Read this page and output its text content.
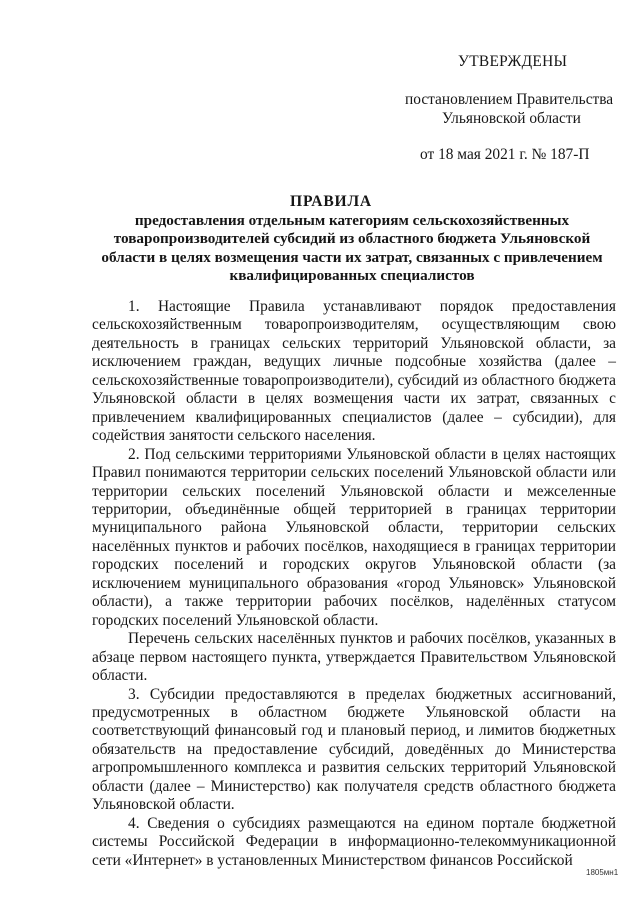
УТВЕРЖДЕНЫ
постановлением Правительства
Ульяновской области
от 18 мая 2021 г. № 187-П
ПРАВИЛА
предоставления отдельным категориям сельскохозяйственных товаропроизводителей субсидий из областного бюджета Ульяновской области в целях возмещения части их затрат, связанных с привлечением квалифицированных специалистов

1. Настоящие Правила устанавливают порядок предоставления сельскохозяйственным товаропроизводителям, осуществляющим свою деятельность в границах сельских территорий Ульяновской области, за исключением граждан, ведущих личные подсобные хозяйства (далее – сельскохозяйственные товаропроизводители), субсидий из областного бюджета Ульяновской области в целях возмещения части их затрат, связанных с привлечением квалифицированных специалистов (далее – субсидии), для содействия занятости сельского населения.

2. Под сельскими территориями Ульяновской области в целях настоящих Правил понимаются территории сельских поселений Ульяновской области или территории сельских поселений Ульяновской области и межселенные территории, объединённые общей территорией в границах территории муниципального района Ульяновской области, территории сельских населённых пунктов и рабочих посёлков, находящиеся в границах территории городских поселений и городских округов Ульяновской области (за исключением муниципального образования «город Ульяновск» Ульяновской области), а также территории рабочих посёлков, наделённых статусом городских поселений Ульяновской области.

Перечень сельских населённых пунктов и рабочих посёлков, указанных в абзаце первом настоящего пункта, утверждается Правительством Ульяновской области.

3. Субсидии предоставляются в пределах бюджетных ассигнований, предусмотренных в областном бюджете Ульяновской области на соответствующий финансовый год и плановый период, и лимитов бюджетных обязательств на предоставление субсидий, доведённых до Министерства агропромышленного комплекса и развития сельских территорий Ульяновской области (далее – Министерство) как получателя средств областного бюджета Ульяновской области.

4. Сведения о субсидиях размещаются на едином портале бюджетной системы Российской Федерации в информационно-телекоммуникационной сети «Интернет» в установленных Министерством финансов Российской

1805мн1
